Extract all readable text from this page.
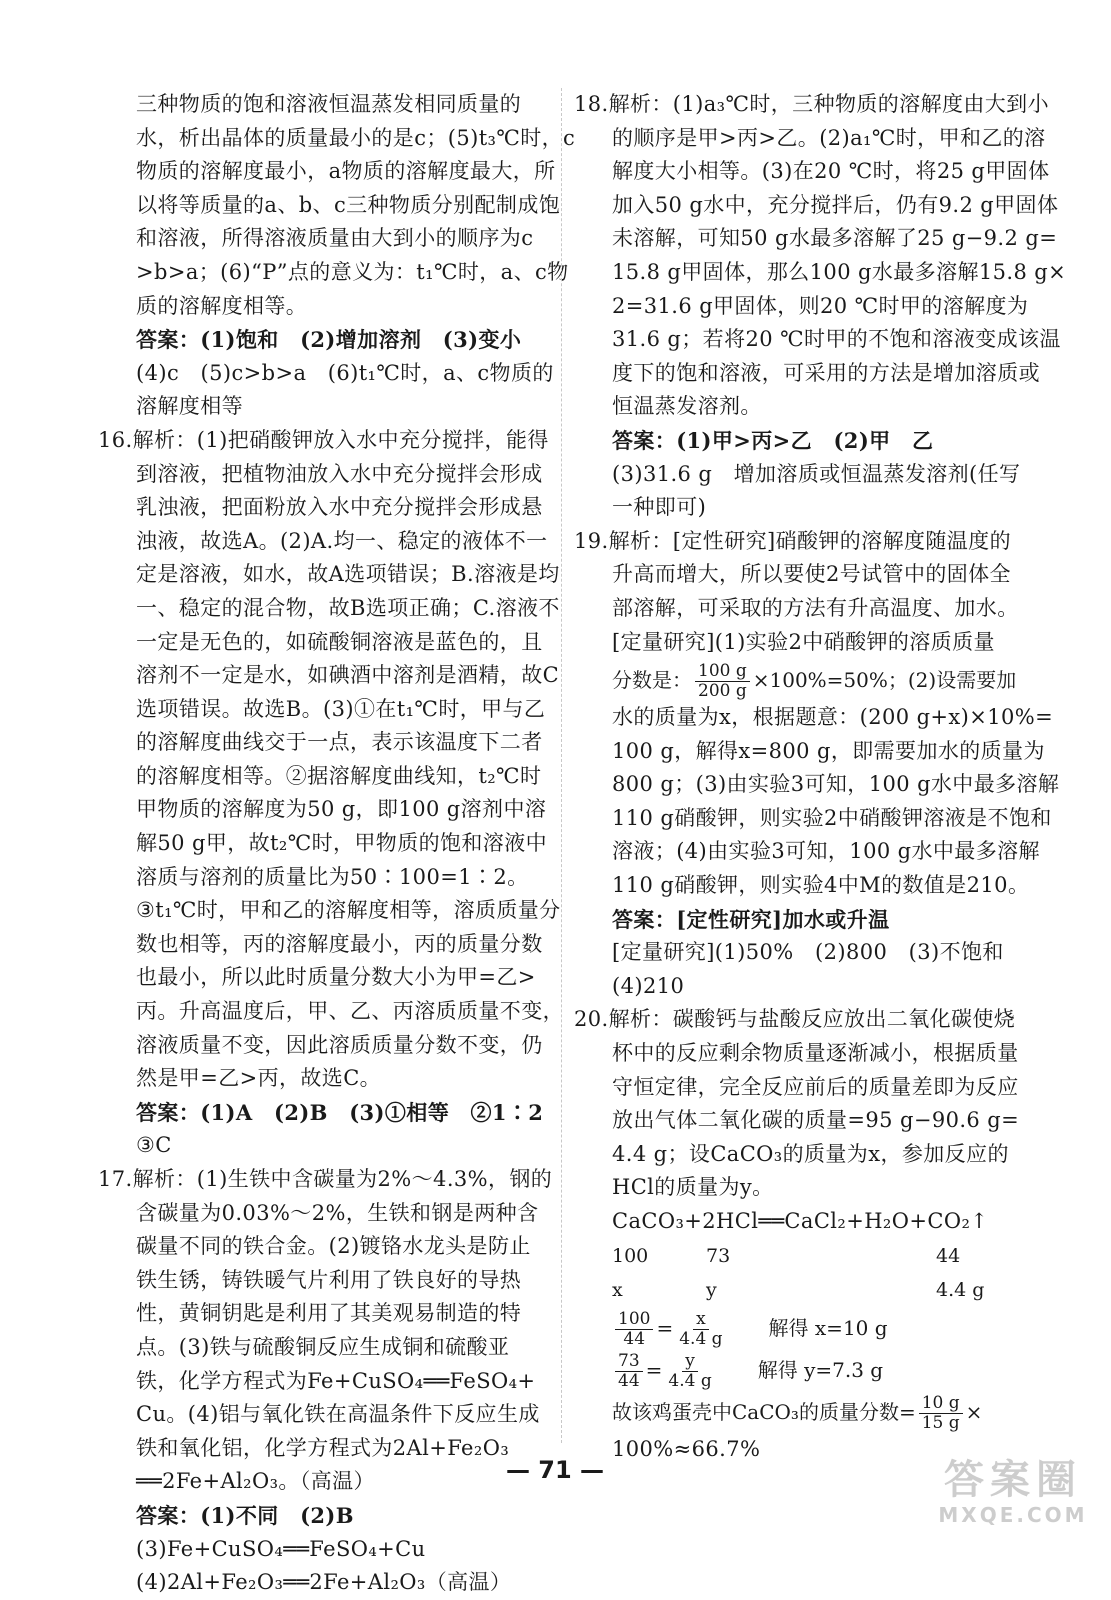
三种物质的饱和溶液恒温蒸发相同质量的
水，析出晶体的质量最小的是c；(5)t₃℃时，c
物质的溶解度最小，a物质的溶解度最大，所
以将等质量的a、b、c三种物质分别配制成饱
和溶液，所得溶液质量由大到小的顺序为c
>b>a；(6)“P”点的意义为：t₁℃时，a、c物
质的溶解度相等。
答案：(1)饱和　(2)增加溶剂　(3)变小
(4)c　(5)c>b>a　(6)t₁℃时，a、c物质的
溶解度相等
16.解析：(1)把硝酸钾放入水中充分搅拌，能得
到溶液，把植物油放入水中充分搅拌会形成
乳浊液，把面粉放入水中充分搅拌会形成悬
浊液，故选A。(2)A.均一、稳定的液体不一
定是溶液，如水，故A选项错误；B.溶液是均
一、稳定的混合物，故B选项正确；C.溶液不
一定是无色的，如硫酸铜溶液是蓝色的，且
溶剂不一定是水，如碘酒中溶剂是酒精，故C
选项错误。故选B。(3)①在t₁℃时，甲与乙
的溶解度曲线交于一点，表示该温度下二者
的溶解度相等。②据溶解度曲线知，t₂℃时
甲物质的溶解度为50 g，即100 g溶剂中溶
解50 g甲，故t₂℃时，甲物质的饱和溶液中
溶质与溶剂的质量比为50∶100=1∶2。
③t₁℃时，甲和乙的溶解度相等，溶质质量分
数也相等，丙的溶解度最小，丙的质量分数
也最小，所以此时质量分数大小为甲=乙>
丙。升高温度后，甲、乙、丙溶质质量不变，
溶液质量不变，因此溶质质量分数不变，仍
然是甲=乙>丙，故选C。
答案：(1)A　(2)B　(3)①相等　②1∶2
③C
17.解析：(1)生铁中含碳量为2%～4.3%，钢的
含碳量为0.03%～2%，生铁和钢是两种含
碳量不同的铁合金。(2)镀铬水龙头是防止
铁生锈，铸铁暖气片利用了铁良好的导热
性，黄铜钥匙是利用了其美观易制造的特
点。(3)铁与硫酸铜反应生成铜和硫酸亚
铁，化学方程式为Fe+CuSO₄══FeSO₄+
Cu。(4)铝与氧化铁在高温条件下反应生成
铁和氧化铝，化学方程式为2Al+Fe₂O₃
══2Fe+Al₂O₃。（高温）
答案：(1)不同　(2)B
(3)Fe+CuSO₄══FeSO₄+Cu
(4)2Al+Fe₂O₃══2Fe+Al₂O₃（高温）
18.解析：(1)a₃℃时，三种物质的溶解度由大到小
的顺序是甲>丙>乙。(2)a₁℃时，甲和乙的溶
解度大小相等。(3)在20 ℃时，将25 g甲固体
加入50 g水中，充分搅拌后，仍有9.2 g甲固体
未溶解，可知50 g水最多溶解了25 g−9.2 g=
15.8 g甲固体，那么100 g水最多溶解15.8 g×
2=31.6 g甲固体，则20 ℃时甲的溶解度为
31.6 g；若将20 ℃时甲的不饱和溶液变成该温
度下的饱和溶液，可采用的方法是增加溶质或
恒温蒸发溶剂。
答案：(1)甲>丙>乙　(2)甲　乙
(3)31.6 g　增加溶质或恒温蒸发溶剂(任写
一种即可)
19.解析：[定性研究]硝酸钾的溶解度随温度的
升高而增大，所以要使2号试管中的固体全
部溶解，可采取的方法有升高温度、加水。
[定量研究](1)实验2中硝酸钾的溶质质量
分数是： $\frac{100 g}{200 g} \times 100\%=50\%$；(2)设需要加
水的质量为x，根据题意：(200 g+x)×10%=
100 g，解得x=800 g，即需要加水的质量为
800 g；(3)由实验3可知，100 g水中最多溶解
110 g硝酸钾，则实验2中硝酸钾溶液是不饱和
溶液；(4)由实验3可知，100 g水中最多溶解
110 g硝酸钾，则实验4中M的数值是210。
答案：[定性研究]加水或升温
[定量研究](1)50%　(2)800　(3)不饱和
(4)210
20.解析：碳酸钙与盐酸反应放出二氧化碳使烧
杯中的反应剩余物质量逐渐减小，根据质量
守恒定律，完全反应前后的质量差即为反应
放出气体二氧化碳的质量=95 g−90.6 g=
4.4 g；设CaCO₃的质量为x，参加反应的
HCl的质量为y。
CaCO₃+2HCl══CaCl₂+H₂O+CO₂↑
100	73	44
x	y	4.4 g
$\frac{100}{44} = \frac{x}{4.4 g}$ 解得 x=10 g
$\frac{73}{44} = \frac{y}{4.4 g}$ 解得 y=7.3 g
故该鸡蛋壳中CaCO₃的质量分数= $\frac{10 g}{15 g}$ ×
100%≈66.7%
— 71 —	答案圈
MXQE.COM
